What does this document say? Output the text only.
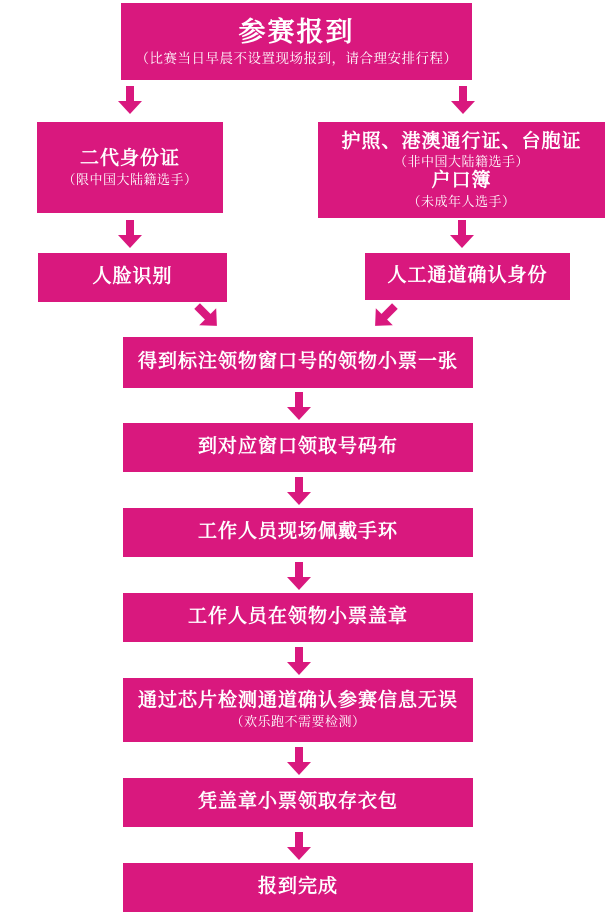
参赛报到
（比赛当日早晨不设置现场报到，请合理安排行程）
二代身份证
（限中国大陆籍选手）
护照、港澳通行证、台胞证
（非中国大陆籍选手）
户口簿
（未成年人选手）
人脸识别	人工通道确认身份
得到标注领物窗口号的领物小票一张
到对应窗口领取号码布
工作人员现场佩戴手环
工作人员在领物小票盖章
通过芯片检测通道确认参赛信息无误
（欢乐跑不需要检测）
凭盖章小票领取存衣包
报到完成
